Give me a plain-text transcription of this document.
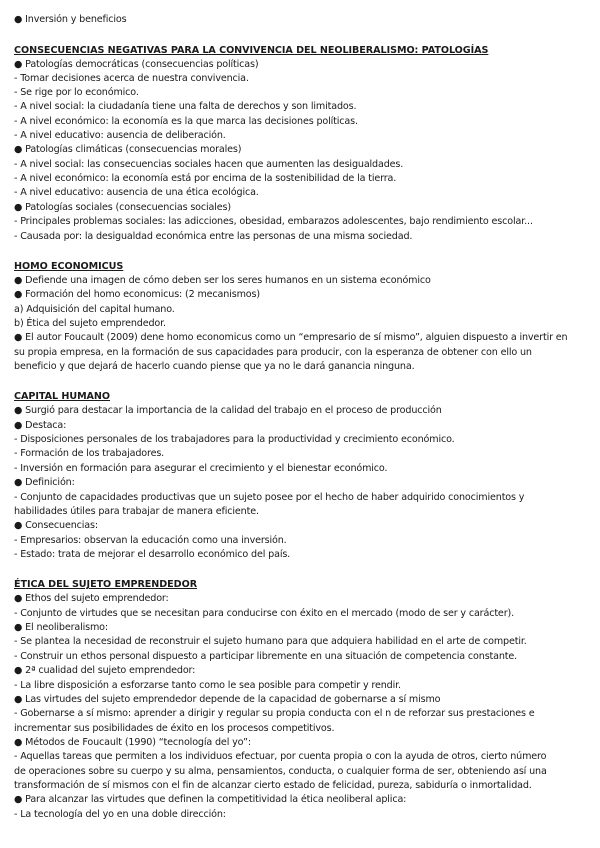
● Inversión y beneficios
CONSECUENCIAS NEGATIVAS PARA LA CONVIVENCIA DEL NEOLIBERALISMO: PATOLOGÍAS
● Patologías democráticas (consecuencias políticas)
- Tomar decisiones acerca de nuestra convivencia.
- Se rige por lo económico.
- A nivel social: la ciudadanía tiene una falta de derechos y son limitados.
- A nivel económico: la economía es la que marca las decisiones políticas.
- A nivel educativo: ausencia de deliberación.
● Patologías climáticas (consecuencias morales)
- A nivel social: las consecuencias sociales hacen que aumenten las desigualdades.
- A nivel económico: la economía está por encima de la sostenibilidad de la tierra.
- A nivel educativo: ausencia de una ética ecológica.
● Patologías sociales (consecuencias sociales)
- Principales problemas sociales: las adicciones, obesidad, embarazos adolescentes, bajo rendimiento escolar...
- Causada por: la desigualdad económica entre las personas de una misma sociedad.
HOMO ECONOMICUS
● Defiende una imagen de cómo deben ser los seres humanos en un sistema económico
● Formación del homo economicus: (2 mecanismos)
a) Adquisición del capital humano.
b) Ética del sujeto emprendedor.
● El autor Foucault (2009) dene homo economicus como un “empresario de sí mismo”, alguien dispuesto a invertir en
su propia empresa, en la formación de sus capacidades para producir, con la esperanza de obtener con ello un
beneficio y que dejará de hacerlo cuando piense que ya no le dará ganancia ninguna.
CAPITAL HUMANO
● Surgió para destacar la importancia de la calidad del trabajo en el proceso de producción
● Destaca:
- Disposiciones personales de los trabajadores para la productividad y crecimiento económico.
- Formación de los trabajadores.
- Inversión en formación para asegurar el crecimiento y el bienestar económico.
● Definición:
- Conjunto de capacidades productivas que un sujeto posee por el hecho de haber adquirido conocimientos y
habilidades útiles para trabajar de manera eficiente.
● Consecuencias:
- Empresarios: observan la educación como una inversión.
- Estado: trata de mejorar el desarrollo económico del país.
ÉTICA DEL SUJETO EMPRENDEDOR
● Ethos del sujeto emprendedor:
- Conjunto de virtudes que se necesitan para conducirse con éxito en el mercado (modo de ser y carácter).
● El neoliberalismo:
- Se plantea la necesidad de reconstruir el sujeto humano para que adquiera habilidad en el arte de competir.
- Construir un ethos personal dispuesto a participar libremente en una situación de competencia constante.
● 2ª cualidad del sujeto emprendedor:
- La libre disposición a esforzarse tanto como le sea posible para competir y rendir.
● Las virtudes del sujeto emprendedor depende de la capacidad de gobernarse a sí mismo
- Gobernarse a sí mismo: aprender a dirigir y regular su propia conducta con el n de reforzar sus prestaciones e
incrementar sus posibilidades de éxito en los procesos competitivos.
● Métodos de Foucault (1990) “tecnología del yo”:
- Aquellas tareas que permiten a los individuos efectuar, por cuenta propia o con la ayuda de otros, cierto número
de operaciones sobre su cuerpo y su alma, pensamientos, conducta, o cualquier forma de ser, obteniendo así una
transformación de sí mismos con el fin de alcanzar cierto estado de felicidad, pureza, sabiduría o inmortalidad.
● Para alcanzar las virtudes que definen la competitividad la ética neoliberal aplica:
- La tecnología del yo en una doble dirección:
